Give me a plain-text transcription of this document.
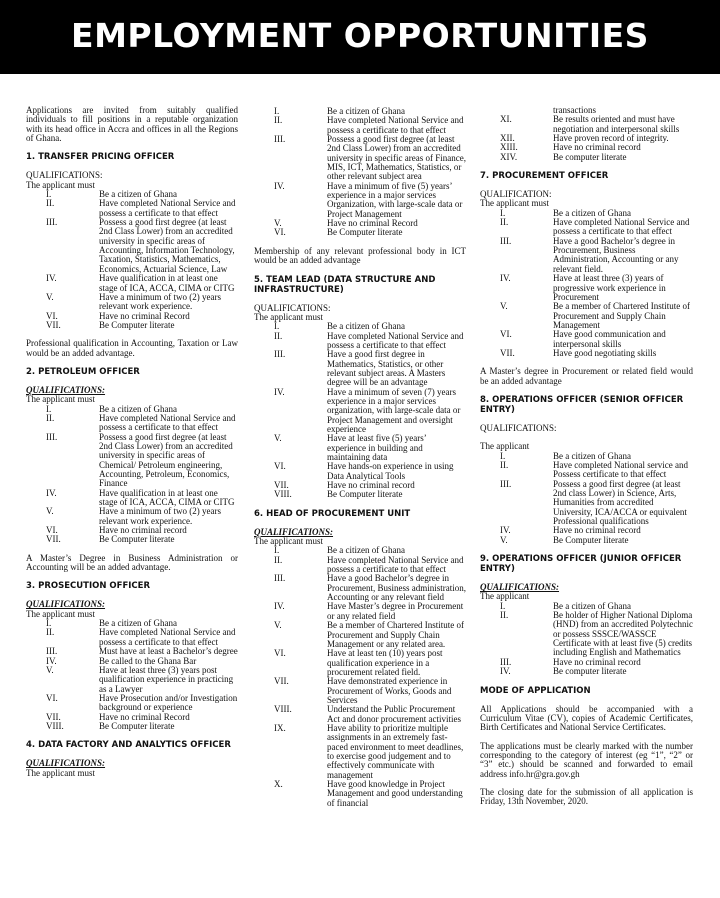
EMPLOYMENT OPPORTUNITIES

Applications are invited from suitably qualified individuals to fill positions in a reputable organization with its head office in Accra and offices in all the Regions of Ghana.

1. TRANSFER PRICING OFFICER

QUALIFICATIONS:

The applicant must

I.	Be a citizen of Ghana
II.	Have completed National Service and possess a certificate to that effect
III.	Possess a good first degree (at least 2nd Class Lower) from an accredited university in specific areas of Accounting, Information Technology, Taxation, Statistics, Mathematics, Economics, Actuarial Science, Law
IV.	Have qualification in at least one stage of ICA, ACCA, CIMA or CITG
V.	Have a minimum of two (2) years relevant work experience.
VI.	Have no criminal Record
VII.	Be Computer literate

Professional qualification in Accounting, Taxation or Law would be an added advantage.

2. PETROLEUM OFFICER

QUALIFICATIONS:

The applicant must

I.	Be a citizen of Ghana
II.	Have completed National Service and possess a certificate to that effect
III.	Possess a good first degree (at least 2nd Class Lower) from an accredited university in specific areas of Chemical/ Petroleum engineering, Accounting, Petroleum, Economics, Finance
IV.	Have qualification in at least one stage of ICA, ACCA, CIMA or CITG
V.	Have a minimum of two (2) years relevant work experience.
VI.	Have no criminal record
VII.	Be Computer literate

A Master’s Degree in Business Administration or Accounting will be an added advantage.

3. PROSECUTION OFFICER

QUALIFICATIONS:

The applicant must

I.	Be a citizen of Ghana
II.	Have completed National Service and possess a certificate to that effect
III.	Must have at least a Bachelor’s degree
IV.	Be called to the Ghana Bar
V.	Have at least three (3) years post qualification experience in practicing as a Lawyer
VI.	Have Prosecution and/or Investigation background or experience
VII.	Have no criminal Record
VIII.	Be Computer literate

4. DATA FACTORY AND ANALYTICS OFFICER

QUALIFICATIONS:

The applicant must

I.	Be a citizen of Ghana
II.	Have completed National Service and possess a certificate to that effect
III.	Possess a good first degree (at least 2nd Class Lower) from an accredited university in specific areas of Finance, MIS, ICT, Mathematics, Statistics, or other relevant subject area
IV.	Have a minimum of five (5) years’ experience in a major services Organization, with large-scale data or Project Management
V.	Have no criminal Record
VI.	Be Computer literate

Membership of any relevant professional body in ICT would be an added advantage

5. TEAM LEAD (DATA STRUCTURE AND INFRASTRUCTURE)

QUALIFICATIONS:

The applicant must

I.	Be a citizen of Ghana
II.	Have completed National Service and possess a certificate to that effect
III.	Have a good first degree in Mathematics, Statistics, or other relevant subject areas. A Masters degree will be an advantage
IV.	Have a minimum of seven (7) years experience in a major services organization, with large-scale data or Project Management and oversight experience
V.	Have at least five (5) years’ experience in building and maintaining data
VI.	Have hands-on experience in using Data Analytical Tools
VII.	Have no criminal record
VIII.	Be Computer literate

6. HEAD OF PROCUREMENT UNIT

QUALIFICATIONS:

The applicant must

I.	Be a citizen of Ghana
II.	Have completed National Service and possess a certificate to that effect
III.	Have a good Bachelor’s degree in Procurement, Business administration, Accounting or any relevant field
IV.	Have Master’s degree in Procurement or any related field
V.	Be a member of Chartered Institute of Procurement and Supply Chain Management or any related area.
VI.	Have at least ten (10) years post qualification experience in a procurement related field.
VII.	Have demonstrated experience in Procurement of Works, Goods and Services
VIII.	Understand the Public Procurement Act and donor procurement activities
IX.	Have ability to prioritize multiple assignments in an extremely fast-paced environment to meet deadlines, to exercise good judgement and to effectively communicate with management
X.	Have good knowledge in Project Management and good understanding of financial
transactions
XI.	Be results oriented and must have negotiation and interpersonal skills
XII.	Have proven record of integrity.
XIII.	Have no criminal record
XIV.	Be computer literate

7. PROCUREMENT OFFICER

QUALIFICATION:

The applicant must

I.	Be a citizen of Ghana
II.	Have completed National Service and possess a certificate to that effect
III.	Have a good Bachelor’s degree in Procurement, Business Administration, Accounting or any relevant field.
IV.	Have at least three (3) years of progressive work experience in Procurement
V.	Be a member of Chartered Institute of Procurement and Supply Chain Management
VI.	Have good communication and interpersonal skills
VII.	Have good negotiating skills

A Master’s degree in Procurement or related field would be an added advantage

8. OPERATIONS OFFICER (SENIOR OFFICER ENTRY)

QUALIFICATIONS:

The applicant

I.	Be a citizen of Ghana
II.	Have completed National service and Possess certificate to that effect
III.	Possess a good first degree (at least 2nd class Lower) in Science, Arts, Humanities from accredited University, ICA/ACCA or equivalent Professional qualifications
IV.	Have no criminal record
V.	Be Computer literate

9. OPERATIONS OFFICER (JUNIOR OFFICER ENTRY)

QUALIFICATIONS:

The applicant

I.	Be a citizen of Ghana
II.	Be holder of Higher National Diploma (HND) from an accredited Polytechnic or possess SSSCE/WASSCE Certificate with at least five (5) credits including English and Mathematics
III.	Have no criminal record
IV.	Be computer literate

MODE OF APPLICATION

All Applications should be accompanied with a Curriculum Vitae (CV), copies of Academic Certificates, Birth Certificates and National Service Certificates.

The applications must be clearly marked with the number corresponding to the category of interest (eg “1”, “2” or “3” etc.) should be scanned and forwarded to email address info.hr@gra.gov.gh

The closing date for the submission of all application is Friday, 13th November, 2020.
